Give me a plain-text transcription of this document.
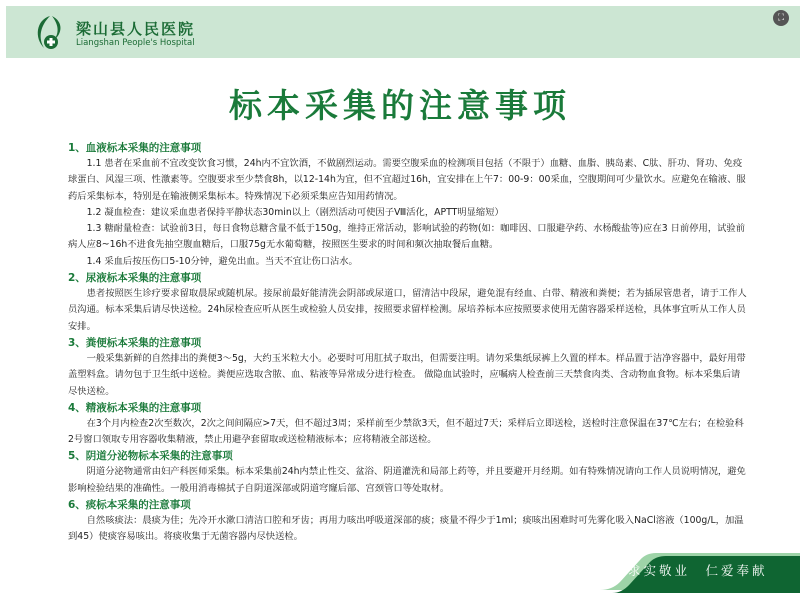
梁山县人民医院
Liangshan People's Hospital
⛶
标本采集的注意事项
1、血液标本采集的注意事项
1.1 患者在采血前不宜改变饮食习惯，24h内不宜饮酒，不做剧烈运动。需要空腹采血的检测项目包括（不限于）血糖、血脂、胰岛素、C肽、肝功、肾功、免疫球蛋白、风湿三项、性激素等。空腹要求至少禁食8h，以12-14h为宜，但不宜超过16h，宜安排在上午7：00-9：00采血，空腹期间可少量饮水。应避免在输液、服药后采集标本，特别是在输液侧采集标本。特殊情况下必须采集应告知用药情况。
1.2 凝血检查：建议采血患者保持平静状态30min以上（剧烈活动可使因子Ⅷ活化，APTT明显缩短）
1.3 糖耐量检查：试验前3日，每日食物总糖含量不低于150g，维持正常活动，影响试验的药物(如：咖啡因、口服避孕药、水杨酸盐等)应在3 日前停用，试验前病人应8~16h不进食先抽空腹血糖后，口服75g无水葡萄糖，按照医生要求的时间和频次抽取餐后血糖。
1.4 采血后按压伤口5-10分钟，避免出血。当天不宜让伤口沾水。
2、尿液标本采集的注意事项
患者按照医生诊疗要求留取晨尿或随机尿。接尿前最好能清洗会阴部或尿道口，留清洁中段尿，避免混有经血、白带、精液和粪便；若为插尿管患者，请于工作人员沟通。标本采集后请尽快送检。24h尿检查应听从医生或检验人员安排，按照要求留样检测。尿培养标本应按照要求使用无菌容器采样送检，具体事宜听从工作人员安排。
3、粪便标本采集的注意事项
一般采集新鲜的自然排出的粪便3～5g，大约玉米粒大小。必要时可用肛拭子取出，但需要注明。请勿采集纸尿裤上久置的样本。样品置于洁净容器中，最好用带盖塑料盒。请勿包于卫生纸中送检。粪便应选取含脓、血、粘液等异常成分进行检查。 做隐血试验时，应嘱病人检查前三天禁食肉类、含动物血食物。标本采集后请尽快送检。
4、精液标本采集的注意事项
在3个月内检查2次至数次，2次之间间隔应>7天，但不超过3周；采样前至少禁欲3天，但不超过7天；采样后立即送检，送检时注意保温在37℃左右；在检验科2号窗口领取专用容器收集精液，禁止用避孕套留取或送检精液标本；应将精液全部送检。
5、阴道分泌物标本采集的注意事项
阴道分泌物通常由妇产科医师采集。标本采集前24h内禁止性交、盆浴、阴道灌洗和局部上药等，并且要避开月经期。如有特殊情况请向工作人员说明情况，避免影响检验结果的准确性。一般用消毒棉拭子自阴道深部或阴道穹窿后部、宫颈管口等处取材。
6、痰标本采集的注意事项
自然咳痰法：晨痰为佳；先冷开水漱口清洁口腔和牙齿；再用力咳出呼吸道深部的痰；痰量不得少于1ml；痰咳出困难时可先雾化吸入NaCl溶液（100g/L，加温到45）使痰容易咳出。将痰收集于无菌容器内尽快送检。
求实敬业　仁爱奉献
